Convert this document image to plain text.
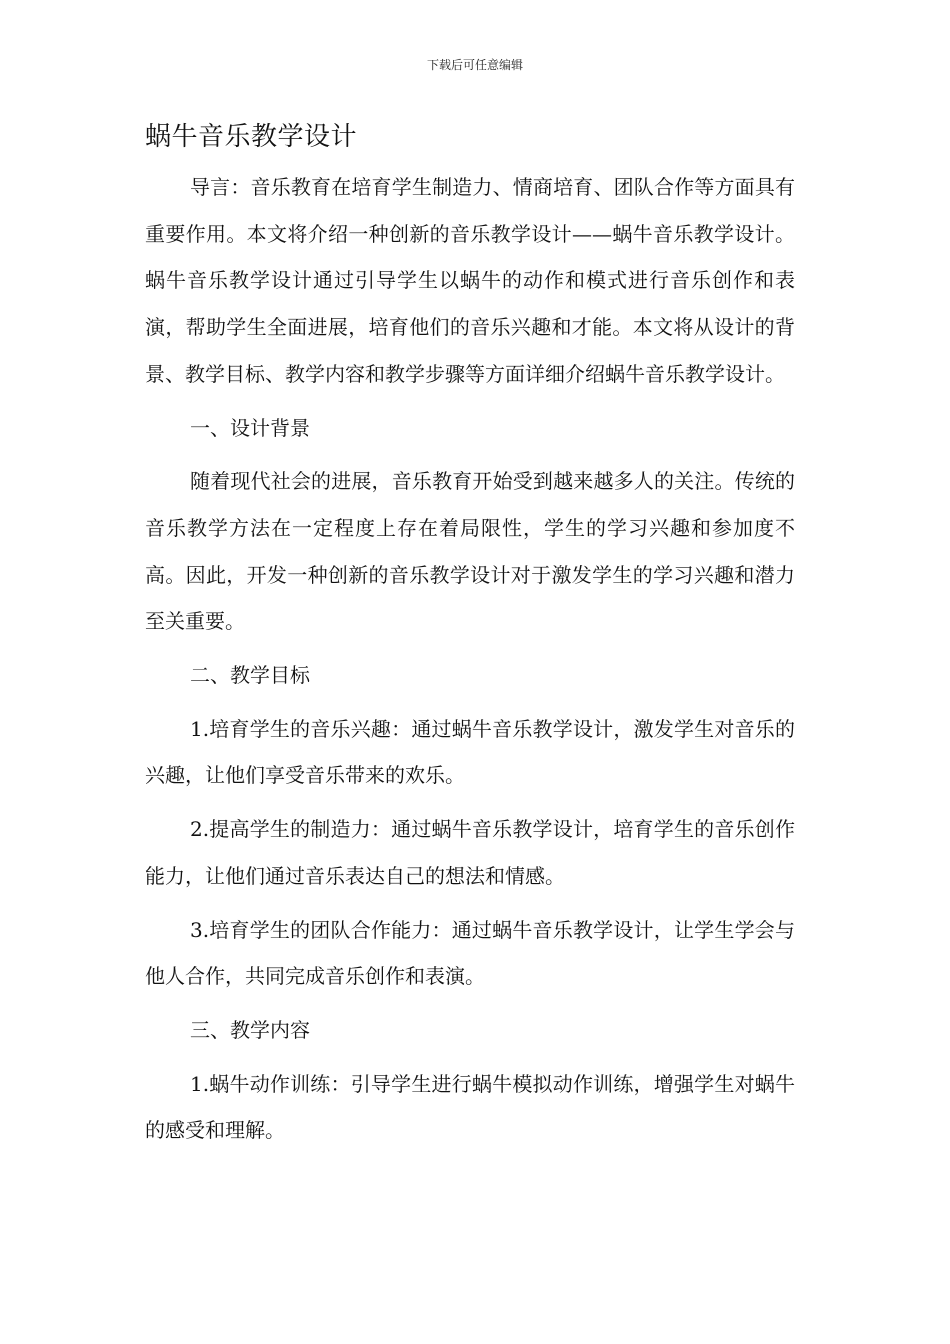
下载后可任意编辑
蜗牛音乐教学设计

导言：音乐教育在培育学生制造力、情商培育、团队合作等方面具有重要作用。本文将介绍一种创新的音乐教学设计——蜗牛音乐教学设计。蜗牛音乐教学设计通过引导学生以蜗牛的动作和模式进行音乐创作和表演，帮助学生全面进展，培育他们的音乐兴趣和才能。本文将从设计的背景、教学目标、教学内容和教学步骤等方面详细介绍蜗牛音乐教学设计。

一、设计背景

随着现代社会的进展，音乐教育开始受到越来越多人的关注。传统的音乐教学方法在一定程度上存在着局限性，学生的学习兴趣和参加度不高。因此，开发一种创新的音乐教学设计对于激发学生的学习兴趣和潜力至关重要。

二、教学目标

1.培育学生的音乐兴趣：通过蜗牛音乐教学设计，激发学生对音乐的兴趣，让他们享受音乐带来的欢乐。

2.提高学生的制造力：通过蜗牛音乐教学设计，培育学生的音乐创作能力，让他们通过音乐表达自己的想法和情感。

3.培育学生的团队合作能力：通过蜗牛音乐教学设计，让学生学会与他人合作，共同完成音乐创作和表演。

三、教学内容

1.蜗牛动作训练：引导学生进行蜗牛模拟动作训练，增强学生对蜗牛的感受和理解。
